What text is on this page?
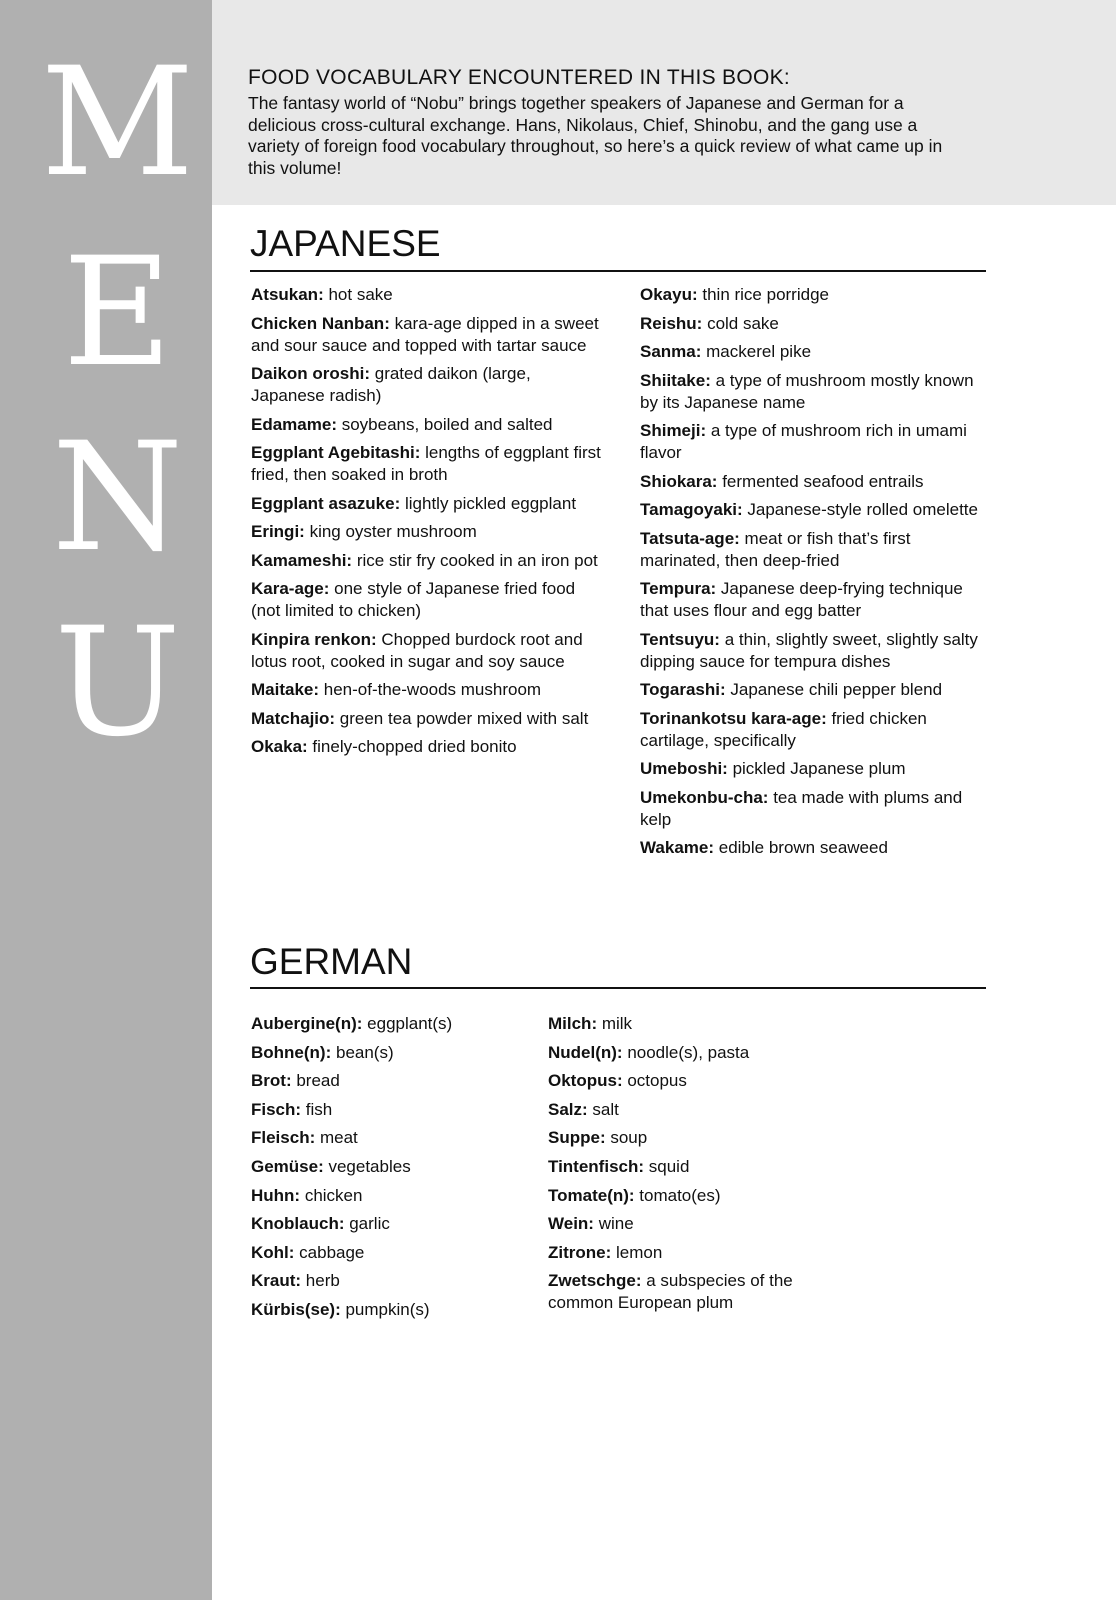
M
E
N
U
FOOD VOCABULARY ENCOUNTERED IN THIS BOOK:
The fantasy world of “Nobu” brings together speakers of Japanese and German for a delicious cross-cultural exchange. Hans, Nikolaus, Chief, Shinobu, and the gang use a variety of foreign food vocabulary throughout, so here’s a quick review of what came up in this volume!
JAPANESE
Atsukan: hot sake
Chicken Nanban: kara-age dipped in a sweet and sour sauce and topped with tartar sauce
Daikon oroshi: grated daikon (large, Japanese radish)
Edamame: soybeans, boiled and salted
Eggplant Agebitashi: lengths of eggplant first fried, then soaked in broth
Eggplant asazuke: lightly pickled eggplant
Eringi: king oyster mushroom
Kamameshi: rice stir fry cooked in an iron pot
Kara-age: one style of Japanese fried food (not limited to chicken)
Kinpira renkon: Chopped burdock root and lotus root, cooked in sugar and soy sauce
Maitake: hen-of-the-woods mushroom
Matchajio: green tea powder mixed with salt
Okaka: finely-chopped dried bonito
Okayu: thin rice porridge
Reishu: cold sake
Sanma: mackerel pike
Shiitake: a type of mushroom mostly known by its Japanese name
Shimeji: a type of mushroom rich in umami flavor
Shiokara: fermented seafood entrails
Tamagoyaki: Japanese-style rolled omelette
Tatsuta-age: meat or fish that’s first marinated, then deep-fried
Tempura: Japanese deep-frying technique that uses flour and egg batter
Tentsuyu: a thin, slightly sweet, slightly salty dipping sauce for tempura dishes
Togarashi: Japanese chili pepper blend
Torinankotsu kara-age: fried chicken cartilage, specifically
Umeboshi: pickled Japanese plum
Umekonbu-cha: tea made with plums and kelp
Wakame: edible brown seaweed
GERMAN
Aubergine(n): eggplant(s)
Bohne(n): bean(s)
Brot: bread
Fisch: fish
Fleisch: meat
Gemüse: vegetables
Huhn: chicken
Knoblauch: garlic
Kohl: cabbage
Kraut: herb
Kürbis(se): pumpkin(s)
Milch: milk
Nudel(n): noodle(s), pasta
Oktopus: octopus
Salz: salt
Suppe: soup
Tintenfisch: squid
Tomate(n): tomato(es)
Wein: wine
Zitrone: lemon
Zwetschge: a subspecies of the common European plum
